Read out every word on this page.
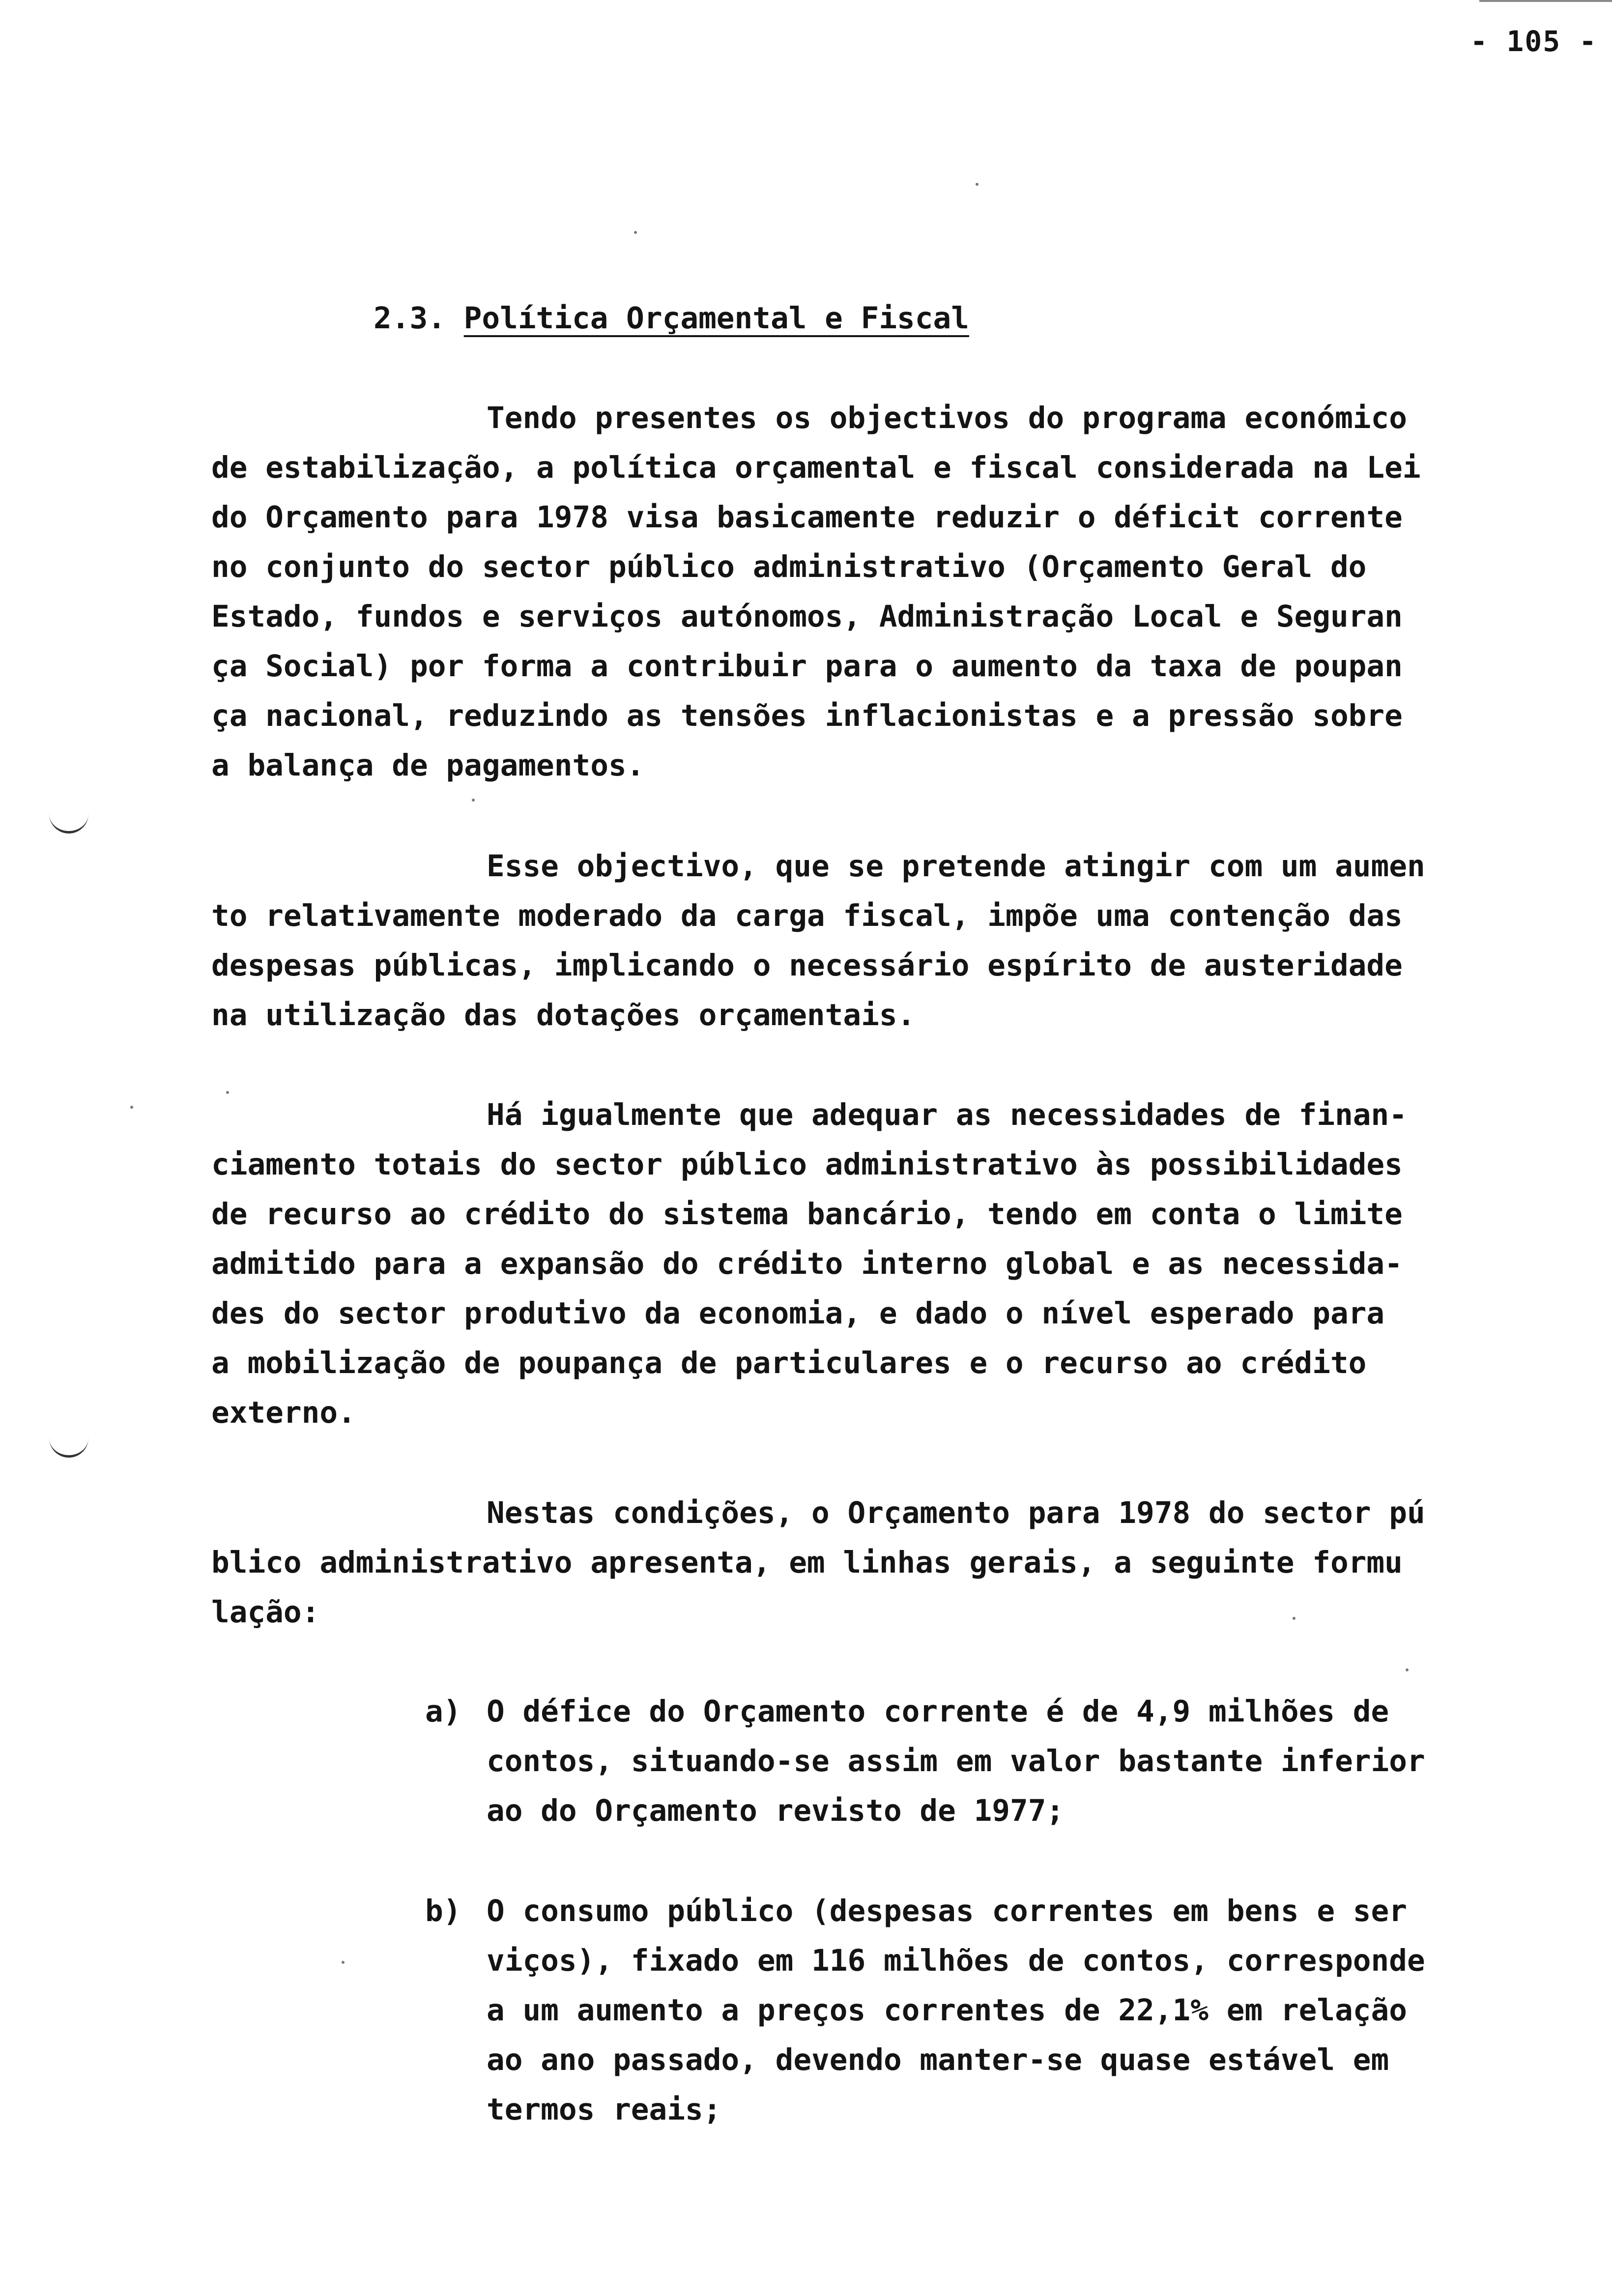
- 105 -
2.3. Política Orçamental e Fiscal
Tendo presentes os objectivos do programa económico
de estabilização, a política orçamental e fiscal considerada na Lei
do Orçamento para 1978 visa basicamente reduzir o déficit corrente
no conjunto do sector público administrativo (Orçamento Geral do
Estado, fundos e serviços autónomos, Administração Local e Seguran
ça Social) por forma a contribuir para o aumento da taxa de poupan
ça nacional, reduzindo as tensões inflacionistas e a pressão sobre
a balança de pagamentos.
Esse objectivo, que se pretende atingir com um aumen
to relativamente moderado da carga fiscal, impõe uma contenção das
despesas públicas, implicando o necessário espírito de austeridade
na utilização das dotações orçamentais.
Há igualmente que adequar as necessidades de finan-
ciamento totais do sector público administrativo às possibilidades
de recurso ao crédito do sistema bancário, tendo em conta o limite
admitido para a expansão do crédito interno global e as necessida-
des do sector produtivo da economia, e dado o nível esperado para
a mobilização de poupança de particulares e o recurso ao crédito
externo.
Nestas condições, o Orçamento para 1978 do sector pú
blico administrativo apresenta, em linhas gerais, a seguinte formu
lação:
a) O défice do Orçamento corrente é de 4,9 milhões de
contos, situando-se assim em valor bastante inferior
ao do Orçamento revisto de 1977;
b) O consumo público (despesas correntes em bens e ser
viços), fixado em 116 milhões de contos, corresponde
a um aumento a preços correntes de 22,1% em relação
ao ano passado, devendo manter-se quase estável em
termos reais;
